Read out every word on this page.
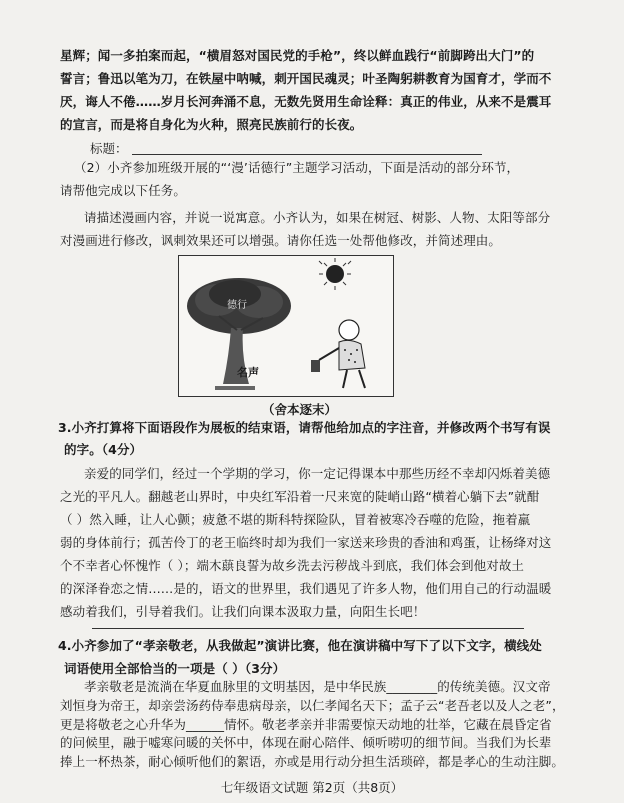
星辉；闻一多拍案而起，“横眉怒对国民党的手枪”，终以鲜血践行“前脚跨出大门”的
誓言；鲁迅以笔为刀，在铁屋中呐喊，刺开国民魂灵；叶圣陶躬耕教育为国育才，学而不
厌，诲人不倦……岁月长河奔涌不息，无数先贤用生命诠释：真正的伟业，从来不是震耳
的宣言，而是将自身化为火种，照亮民族前行的长夜。
标题：
（2）小齐参加班级开展的“‘漫’话德行”主题学习活动，下面是活动的部分环节，
请帮他完成以下任务。
请描述漫画内容，并说一说寓意。小齐认为，如果在树冠、树影、人物、太阳等部分
对漫画进行修改，讽刺效果还可以增强。请你任选一处帮他修改，并简述理由。
德行
名声
（舍本逐末）
3.小齐打算将下面语段作为展板的结束语，请帮他给加点的字注音，并修改两个书写有误
的字。（4分）
亲爱的同学们，经过一个学期的学习，你一定记得课本中那些历经不幸却闪烁着美德
之光的平凡人。翻越老山界时，中央红军沿着一尺来宽的陡峭山路“横着心躺下去”就酣
（ ）然入睡，让人心颤；疲惫不堪的斯科特探险队，冒着被寒冷吞噬的危险，拖着羸
弱的身体前行；孤苦伶丁的老王临终时却为我们一家送来珍贵的香油和鸡蛋，让杨绛对这
个不幸者心怀愧怍（ ）；端木蕻良誓为故乡洗去污秽战斗到底，我们体会到他对故土
的深泽眷恋之情……是的，语文的世界里，我们遇见了许多人物，他们用自己的行动温暖
感动着我们，引导着我们。让我们向课本汲取力量，向阳生长吧！
4.小齐参加了“孝亲敬老，从我做起”演讲比赛，他在演讲稿中写下了以下文字，横线处
词语使用全部恰当的一项是（ ）（3分）
孝亲敬老是流淌在华夏血脉里的文明基因，是中华民族________的传统美德。汉文帝
刘恒身为帝王，却亲尝汤药侍奉患病母亲，以仁孝闻名天下；孟子云“老吾老以及人之老”，
更是将敬老之心升华为______情怀。敬老孝亲并非需要惊天动地的壮举，它藏在晨昏定省
七年级语文试题 第2页（共8页）
的问候里，融于嘘寒问暖的关怀中，体现在耐心陪伴、倾听唠叨的细节间。当我们为长辈
捧上一杯热茶，耐心倾听他们的絮语，亦或是用行动分担生活琐碎，都是孝心的生动注脚。
